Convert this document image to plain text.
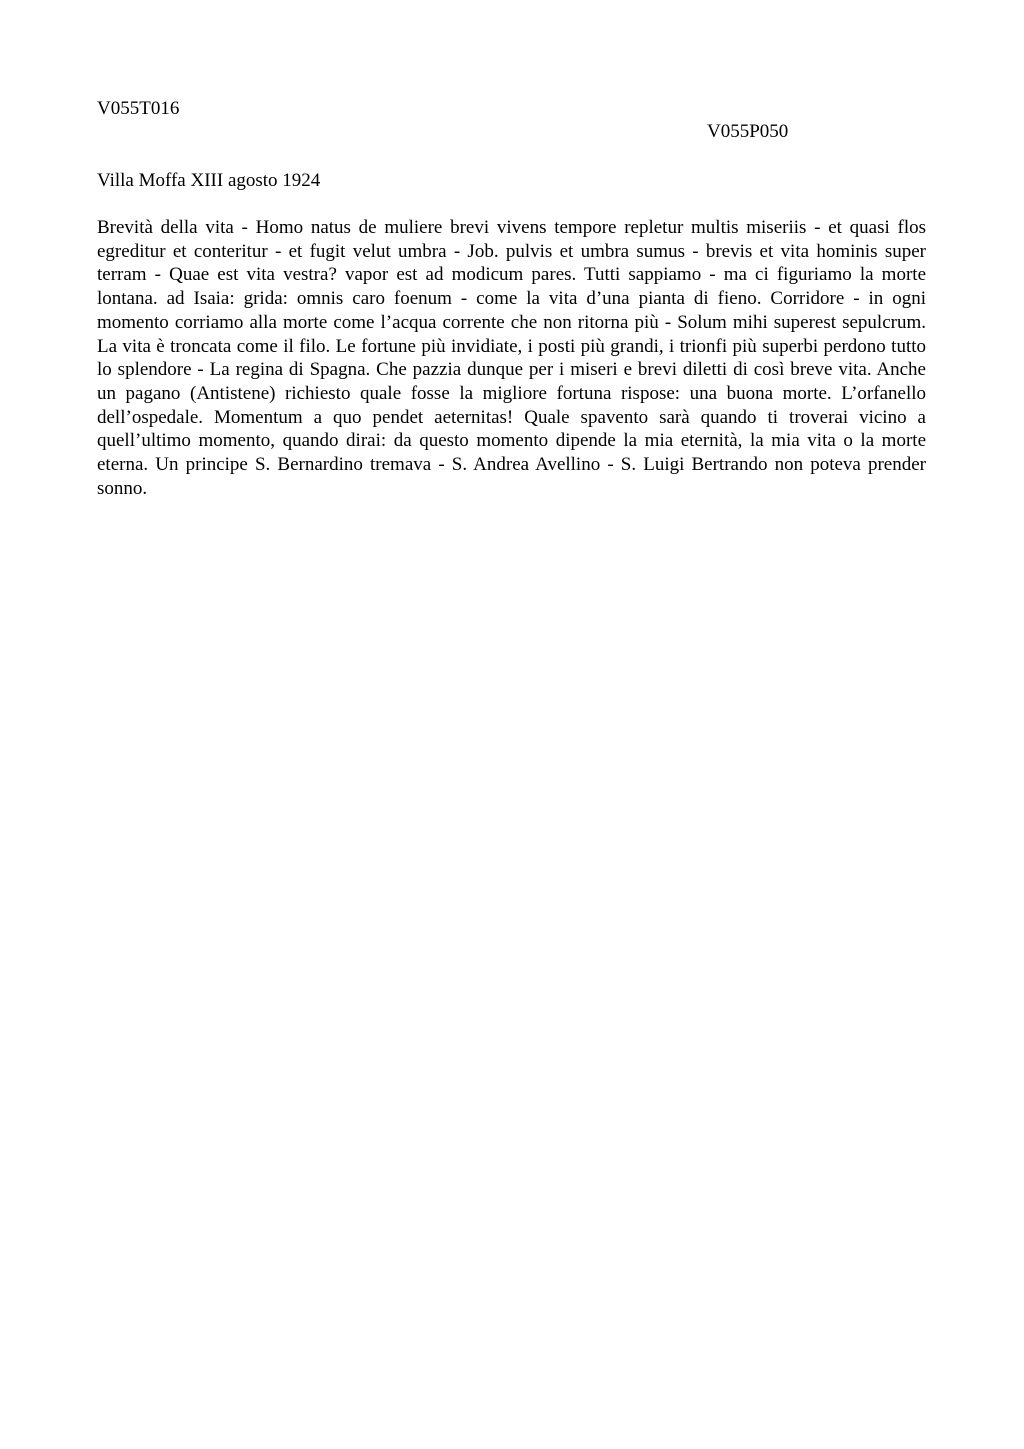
V055T016

V055P050

Villa Moffa XIII agosto 1924

Brevità della vita - Homo natus de muliere brevi vivens tempore repletur multis miseriis - et quasi flos egreditur et conteritur - et fugit velut umbra - Job. pulvis et umbra sumus - brevis et vita hominis super terram - Quae est vita vestra? vapor est ad modicum pares. Tutti sappiamo - ma ci figuriamo la morte lontana. ad Isaia: grida: omnis caro foenum - come la vita d’una pianta di fieno. Corridore - in ogni momento corriamo alla morte come l’acqua corrente che non ritorna più - Solum mihi superest sepulcrum. La vita è troncata come il filo. Le fortune più invidiate, i posti più grandi, i trionfi più superbi perdono tutto lo splendore - La regina di Spagna. Che pazzia dunque per i miseri e brevi diletti di così breve vita. Anche un pagano (Antistene) richiesto quale fosse la migliore fortuna rispose: una buona morte. L’orfanello dell’ospedale. Momentum a quo pendet aeternitas! Quale spavento sarà quando ti troverai vicino a quell’ultimo momento, quando dirai: da questo momento dipende la mia eternità, la mia vita o la morte eterna. Un principe S. Bernardino tremava - S. Andrea Avellino - S. Luigi Bertrando non poteva prender sonno.
